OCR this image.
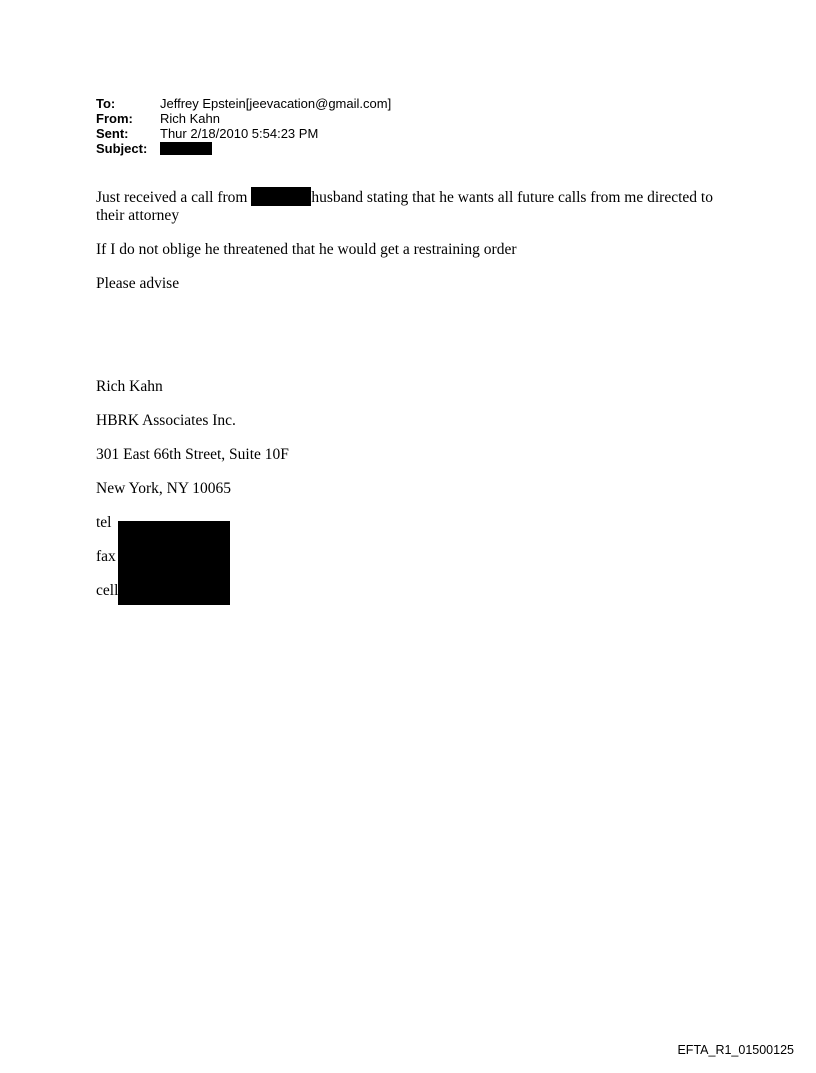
To:	Jeffrey Epstein[jeevacation@gmail.com]
From:	Rich Kahn
Sent:	Thur 2/18/2010 5:54:23 PM
Subject:

Just received a call from	husband stating that he wants all future calls from me directed to their attorney

If I do not oblige he threatened that he would get a restraining order

Please advise

Rich Kahn
HBRK Associates Inc.
301 East 66th Street, Suite 10F
New York, NY 10065
tel
fax
cell
EFTA_R1_01500125
